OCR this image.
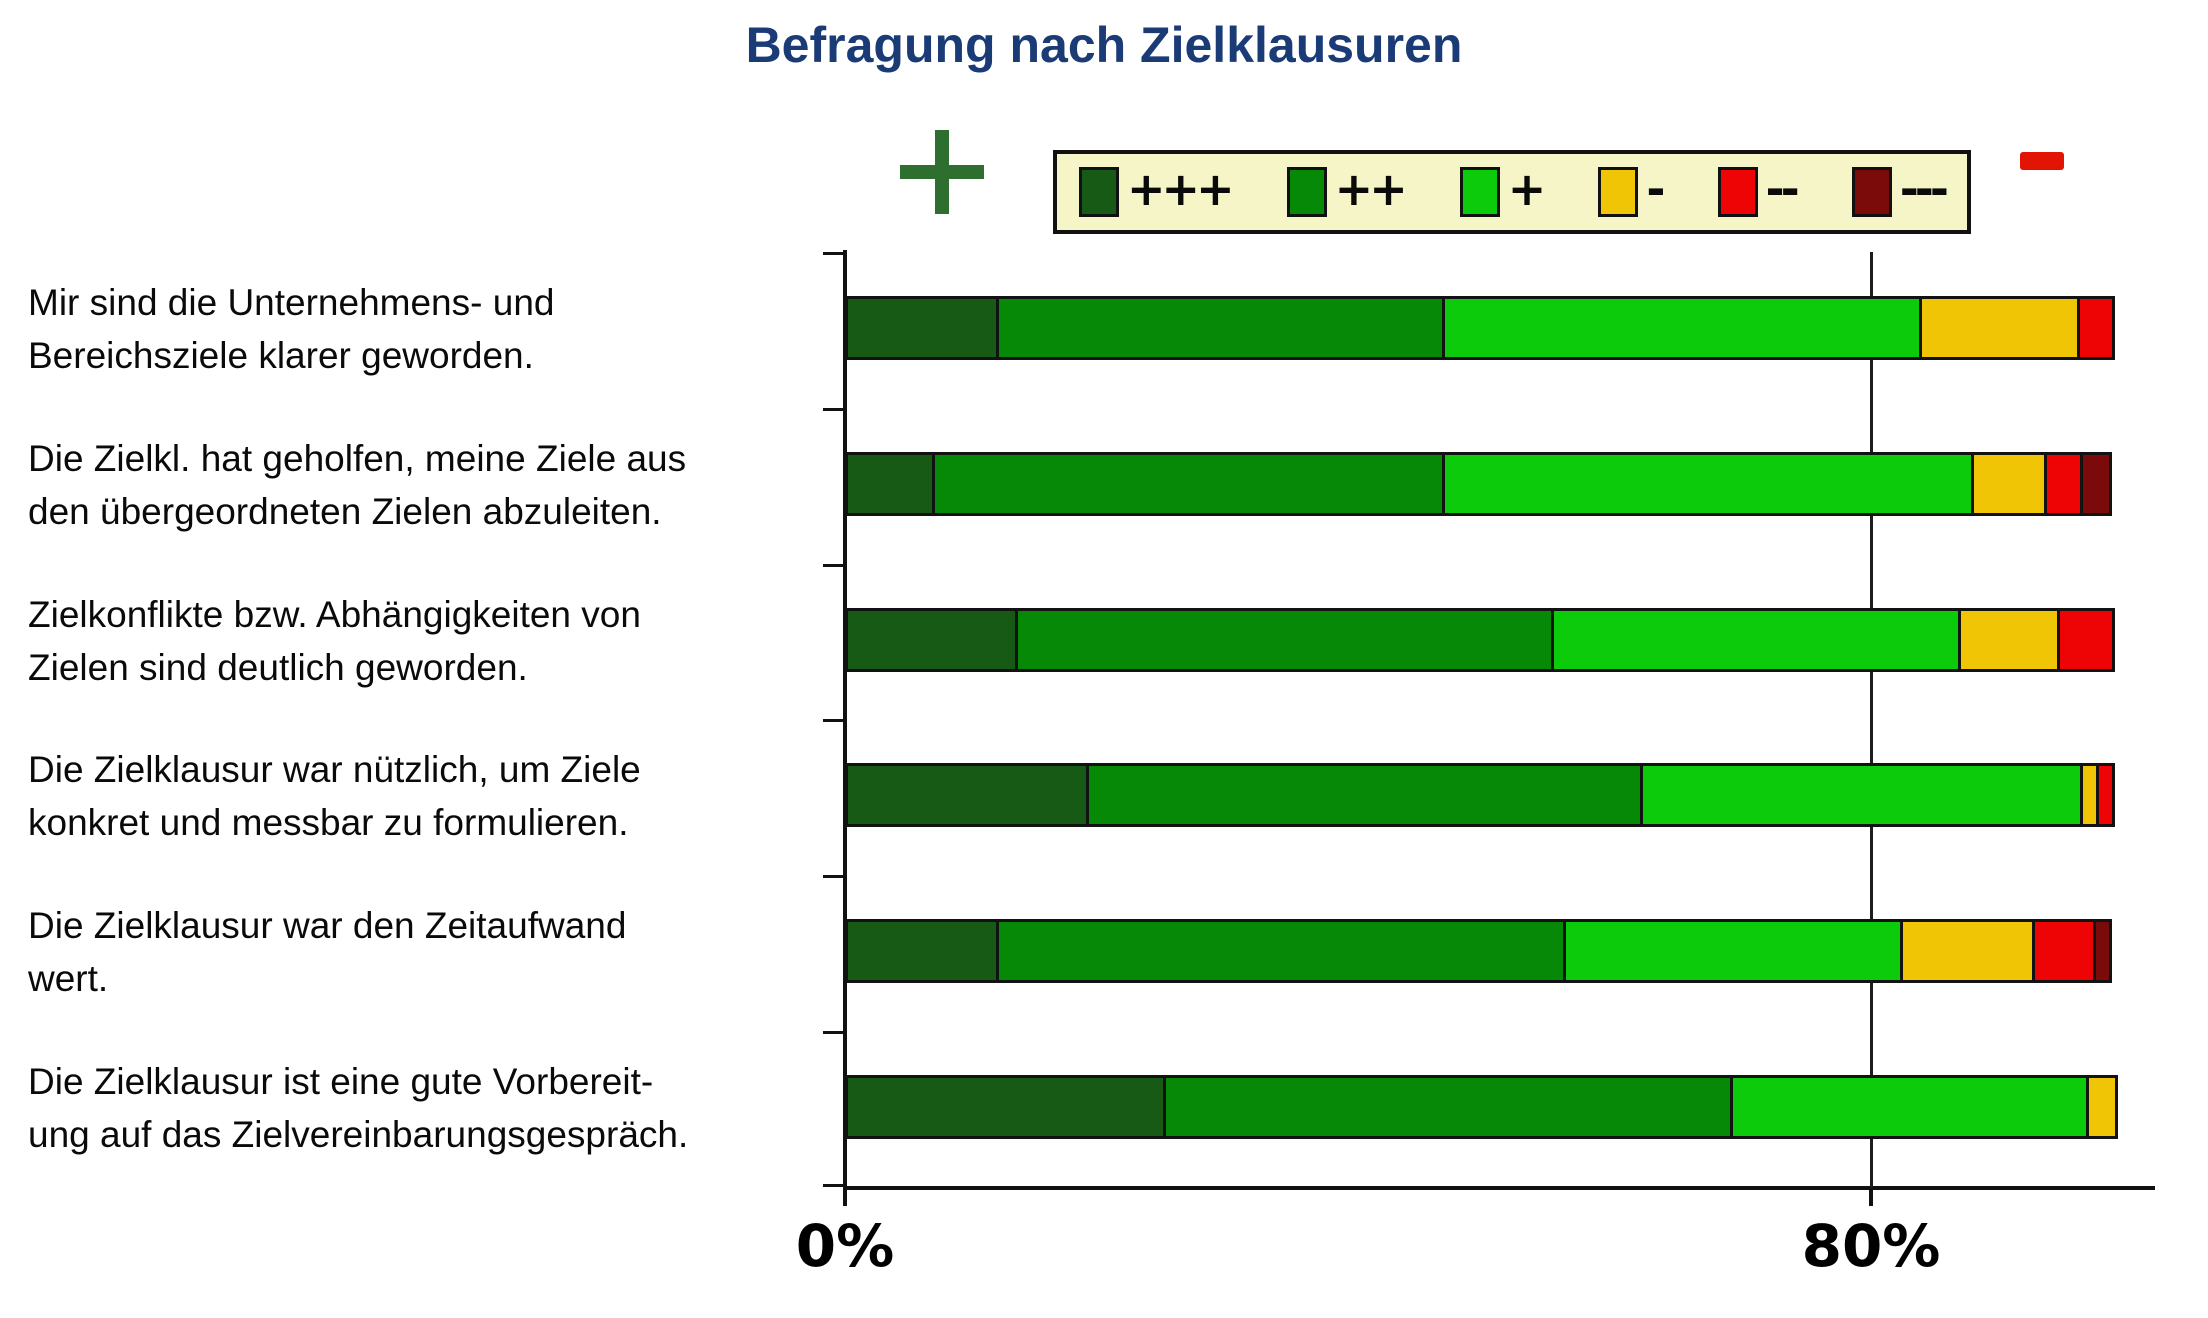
Befragung nach Zielklausuren
+++ ++ + - -- ---
Mir sind die Unternehmens- und
Bereichsziele klarer geworden.
Die Zielkl. hat geholfen, meine Ziele aus
den übergeordneten Zielen abzuleiten.
Zielkonflikte bzw. Abhängigkeiten von
Zielen sind deutlich geworden.
Die Zielklausur war nützlich, um Ziele
konkret und messbar zu formulieren.
Die Zielklausur war den Zeitaufwand
wert.
Die Zielklausur ist eine gute Vorbereit-
ung auf das Zielvereinbarungsgespräch.
0%	80%
